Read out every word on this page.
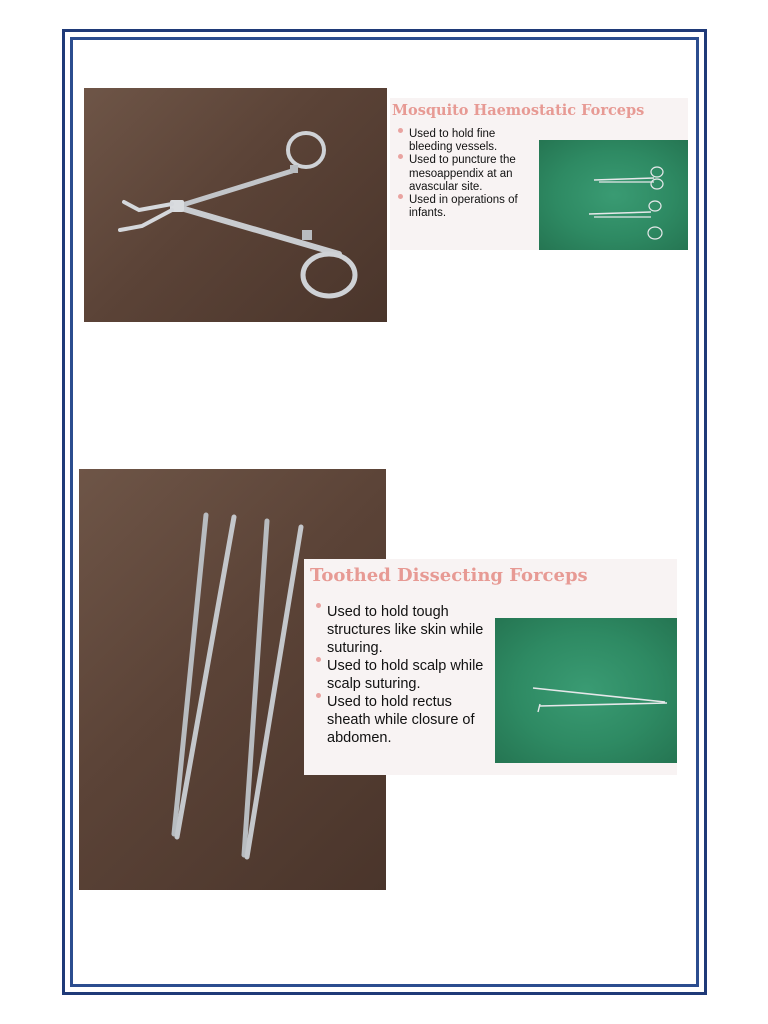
Mosquito Haemostatic Forceps
Used to hold fine bleeding vessels.
Used to puncture the mesoappendix at an avascular site.
Used in operations of infants.
Toothed Dissecting Forceps
Used to hold tough structures like skin while suturing.
Used to hold scalp while scalp suturing.
Used to hold rectus sheath while closure of abdomen.
